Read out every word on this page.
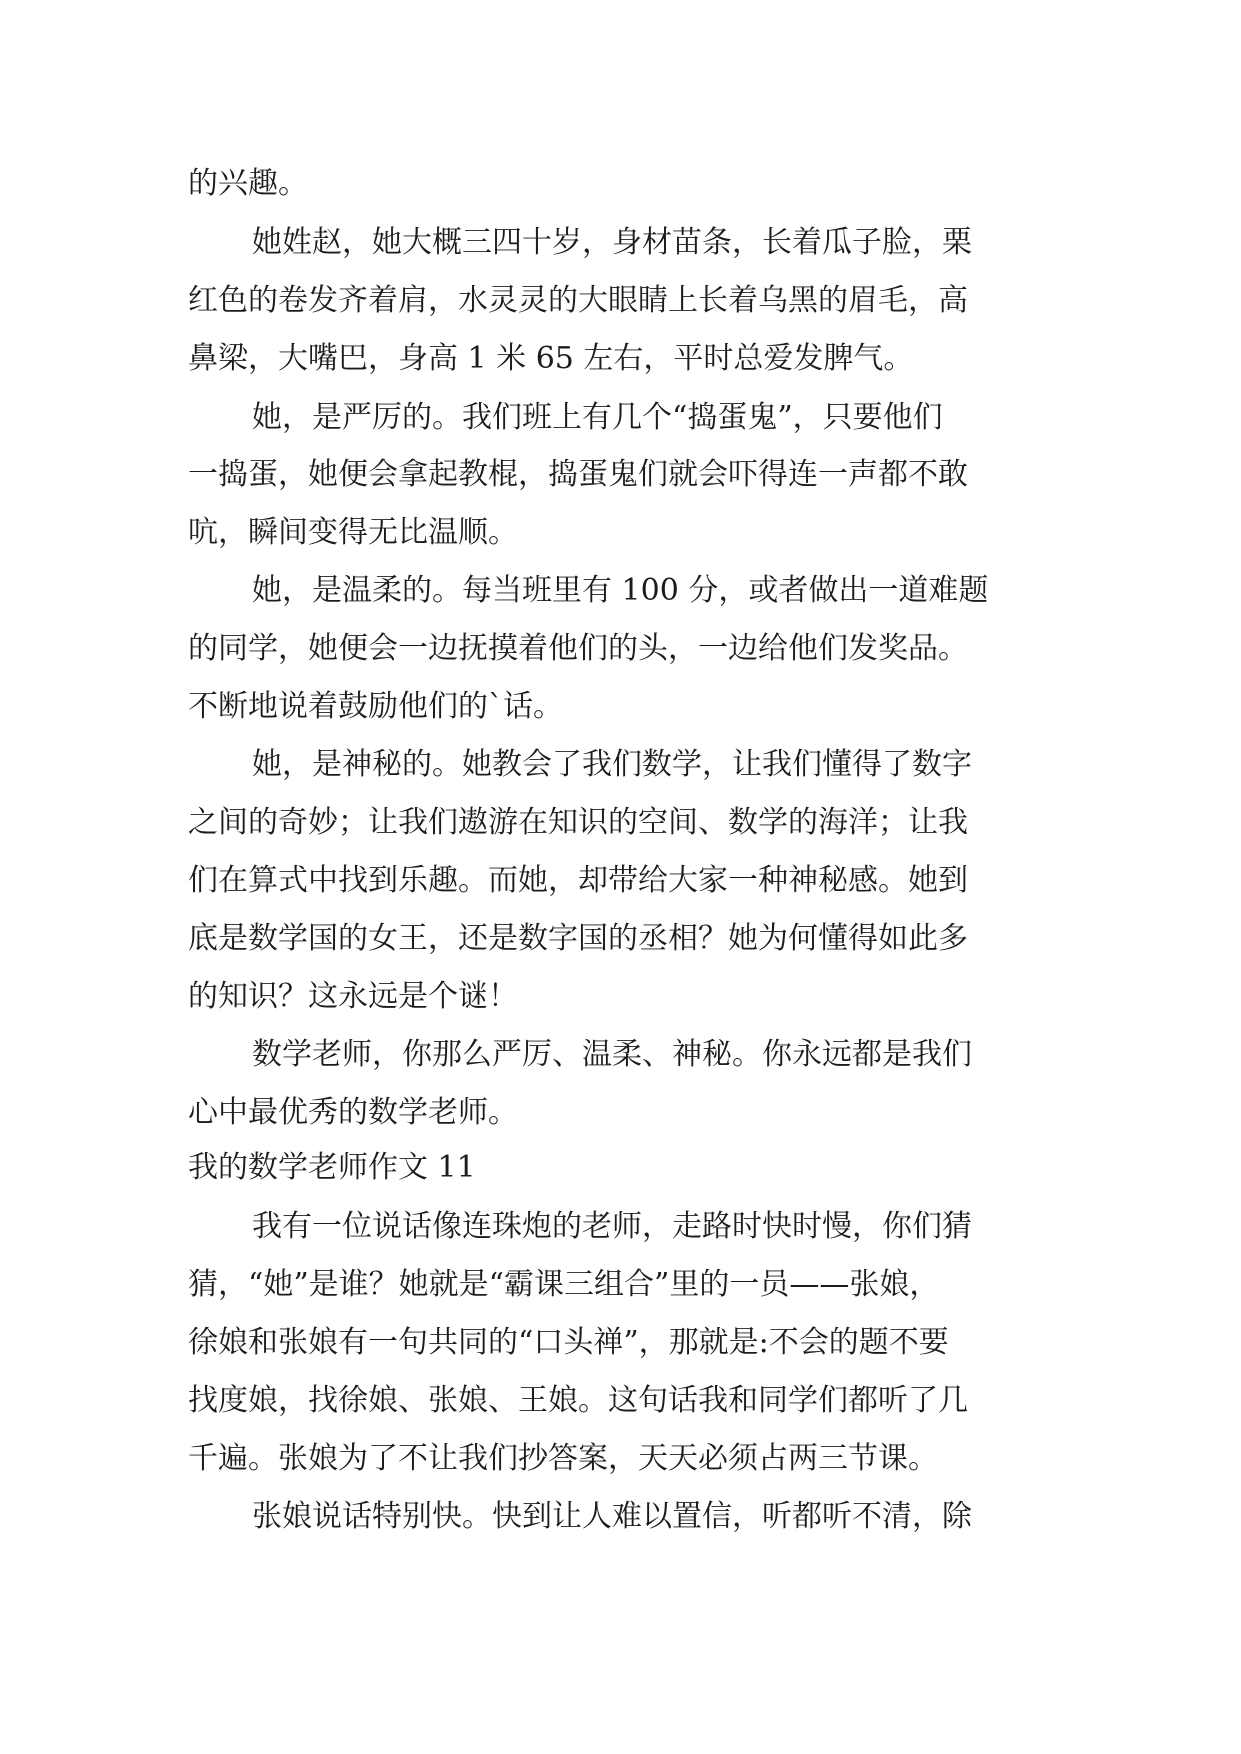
的兴趣。
她姓赵，她大概三四十岁，身材苗条，长着瓜子脸，栗
红色的卷发齐着肩，水灵灵的大眼睛上长着乌黑的眉毛，高
鼻梁，大嘴巴，身高 1 米 65 左右，平时总爱发脾气。
她，是严厉的。我们班上有几个“捣蛋鬼”，只要他们
一捣蛋，她便会拿起教棍，捣蛋鬼们就会吓得连一声都不敢
吭，瞬间变得无比温顺。
她，是温柔的。每当班里有 100 分，或者做出一道难题
的同学，她便会一边抚摸着他们的头，一边给他们发奖品。
不断地说着鼓励他们的`话。
她，是神秘的。她教会了我们数学，让我们懂得了数字
之间的奇妙；让我们遨游在知识的空间、数学的海洋；让我
们在算式中找到乐趣。而她，却带给大家一种神秘感。她到
底是数学国的女王，还是数字国的丞相？她为何懂得如此多
的知识？这永远是个谜！
数学老师，你那么严厉、温柔、神秘。你永远都是我们
心中最优秀的数学老师。
我的数学老师作文 11
我有一位说话像连珠炮的老师，走路时快时慢，你们猜
猜，“她”是谁？她就是“霸课三组合”里的一员——张娘，
徐娘和张娘有一句共同的“口头禅”，那就是:不会的题不要
找度娘，找徐娘、张娘、王娘。这句话我和同学们都听了几
千遍。张娘为了不让我们抄答案，天天必须占两三节课。
张娘说话特别快。快到让人难以置信，听都听不清，除
